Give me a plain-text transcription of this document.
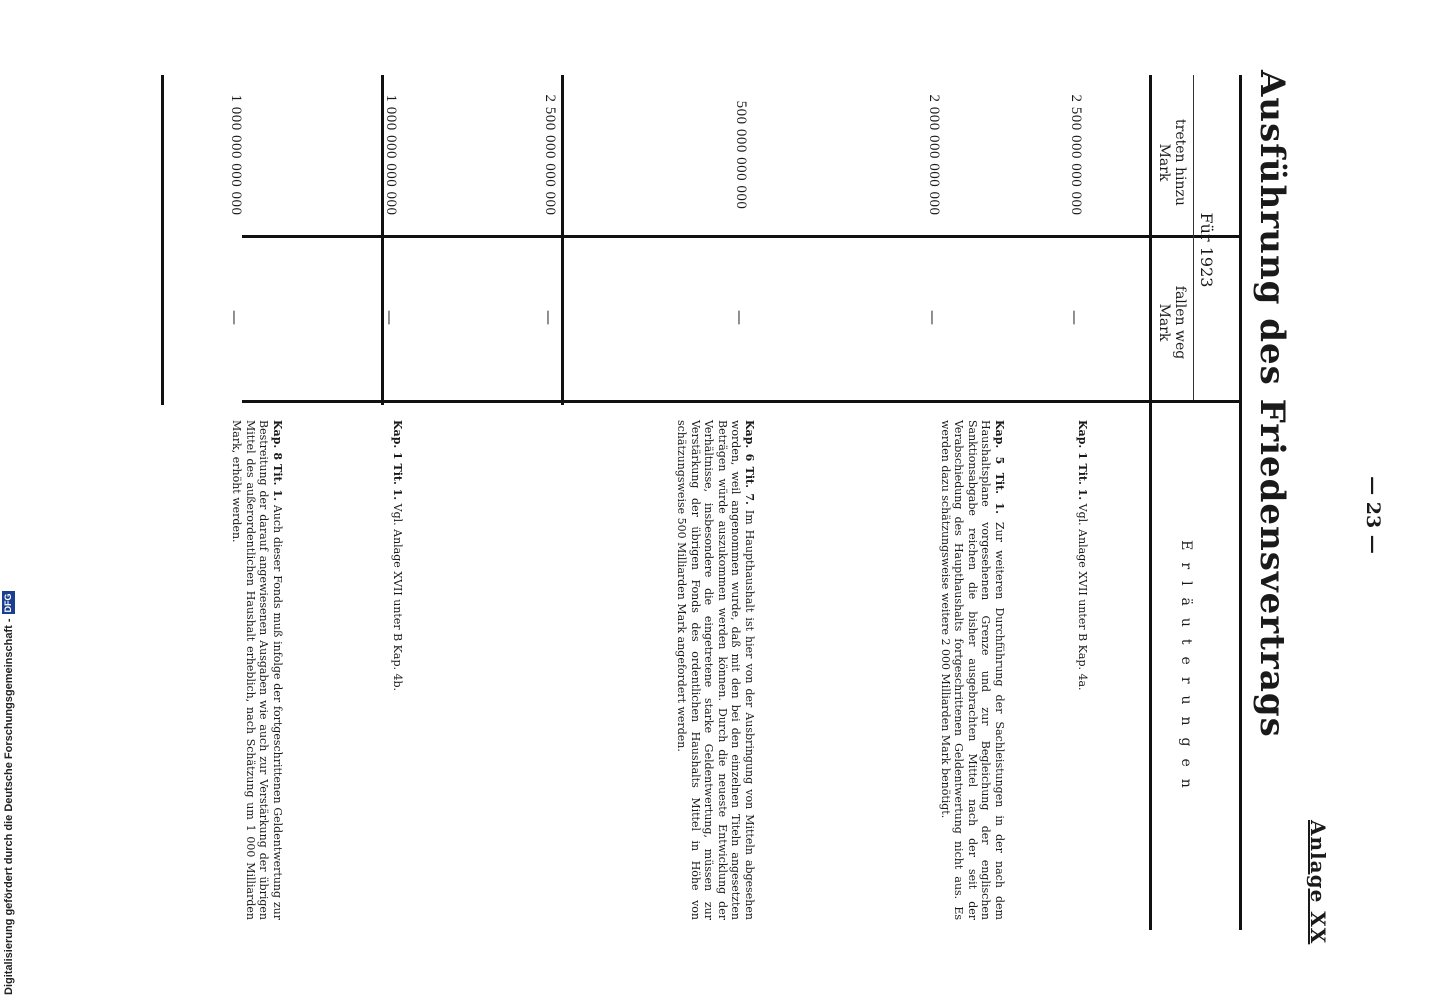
— 23 —
Anlage XX
Ausführung des Friedensvertrags
Für 1923
treten hinzu
Mark
fallen weg
Mark
Erläuterungen
2 500 000 000 000
—
Kap. 1 Tit. 1. Vgl. Anlage XVII unter B Kap. 4a.
2 000 000 000 000
—
Kap. 5 Tit. 1. Zur weiteren Durchführung der Sachleistungen in der nach dem Haushaltsplane vorgesehenen Grenze und zur Begleichung der englischen Sanktionsabgabe reichen die bisher ausgebrachten Mittel nach der seit der Verabschiedung des Haupthaushalts fortgeschrittenen Geldentwertung nicht aus. Es werden dazu schätzungsweise weitere 2 000 Milliarden Mark benötigt.
500 000 000 000
—
Kap. 6 Tit. 7. Im Haupthaushalt ist hier von der Ausbringung von Mitteln abgesehen worden, weil angenommen wurde, daß mit den bei den einzelnen Titeln angesetzten Beträgen würde auszukommen werden können. Durch die neueste Entwicklung der Verhältnisse, insbesondere die eingetretene starke Geldentwertung, müssen zur Verstärkung der übrigen Fonds des ordentlichen Haushalts Mittel in Höhe von schätzungsweise 500 Milliarden Mark angefordert werden.
2 500 000 000 000
—
1 000 000 000 000
—
Kap. 1 Tit. 1. Vgl. Anlage XVII unter B Kap. 4b.
1 000 000 000 000
—
Kap. 8 Tit. 1. Auch dieser Fonds muß infolge der fortgeschrittenen Geldentwertung zur Bestreitung der darauf angewiesenen Ausgaben wie auch zur Verstärkung der übrigen Mittel des außerordentlichen Haushalt erheblich, nach Schätzung um 1 000 Milliarden Mark, erhöht werden.
Digitalisierung gefördert durch die Deutsche Forschungsgemeinschaft -
DFG
